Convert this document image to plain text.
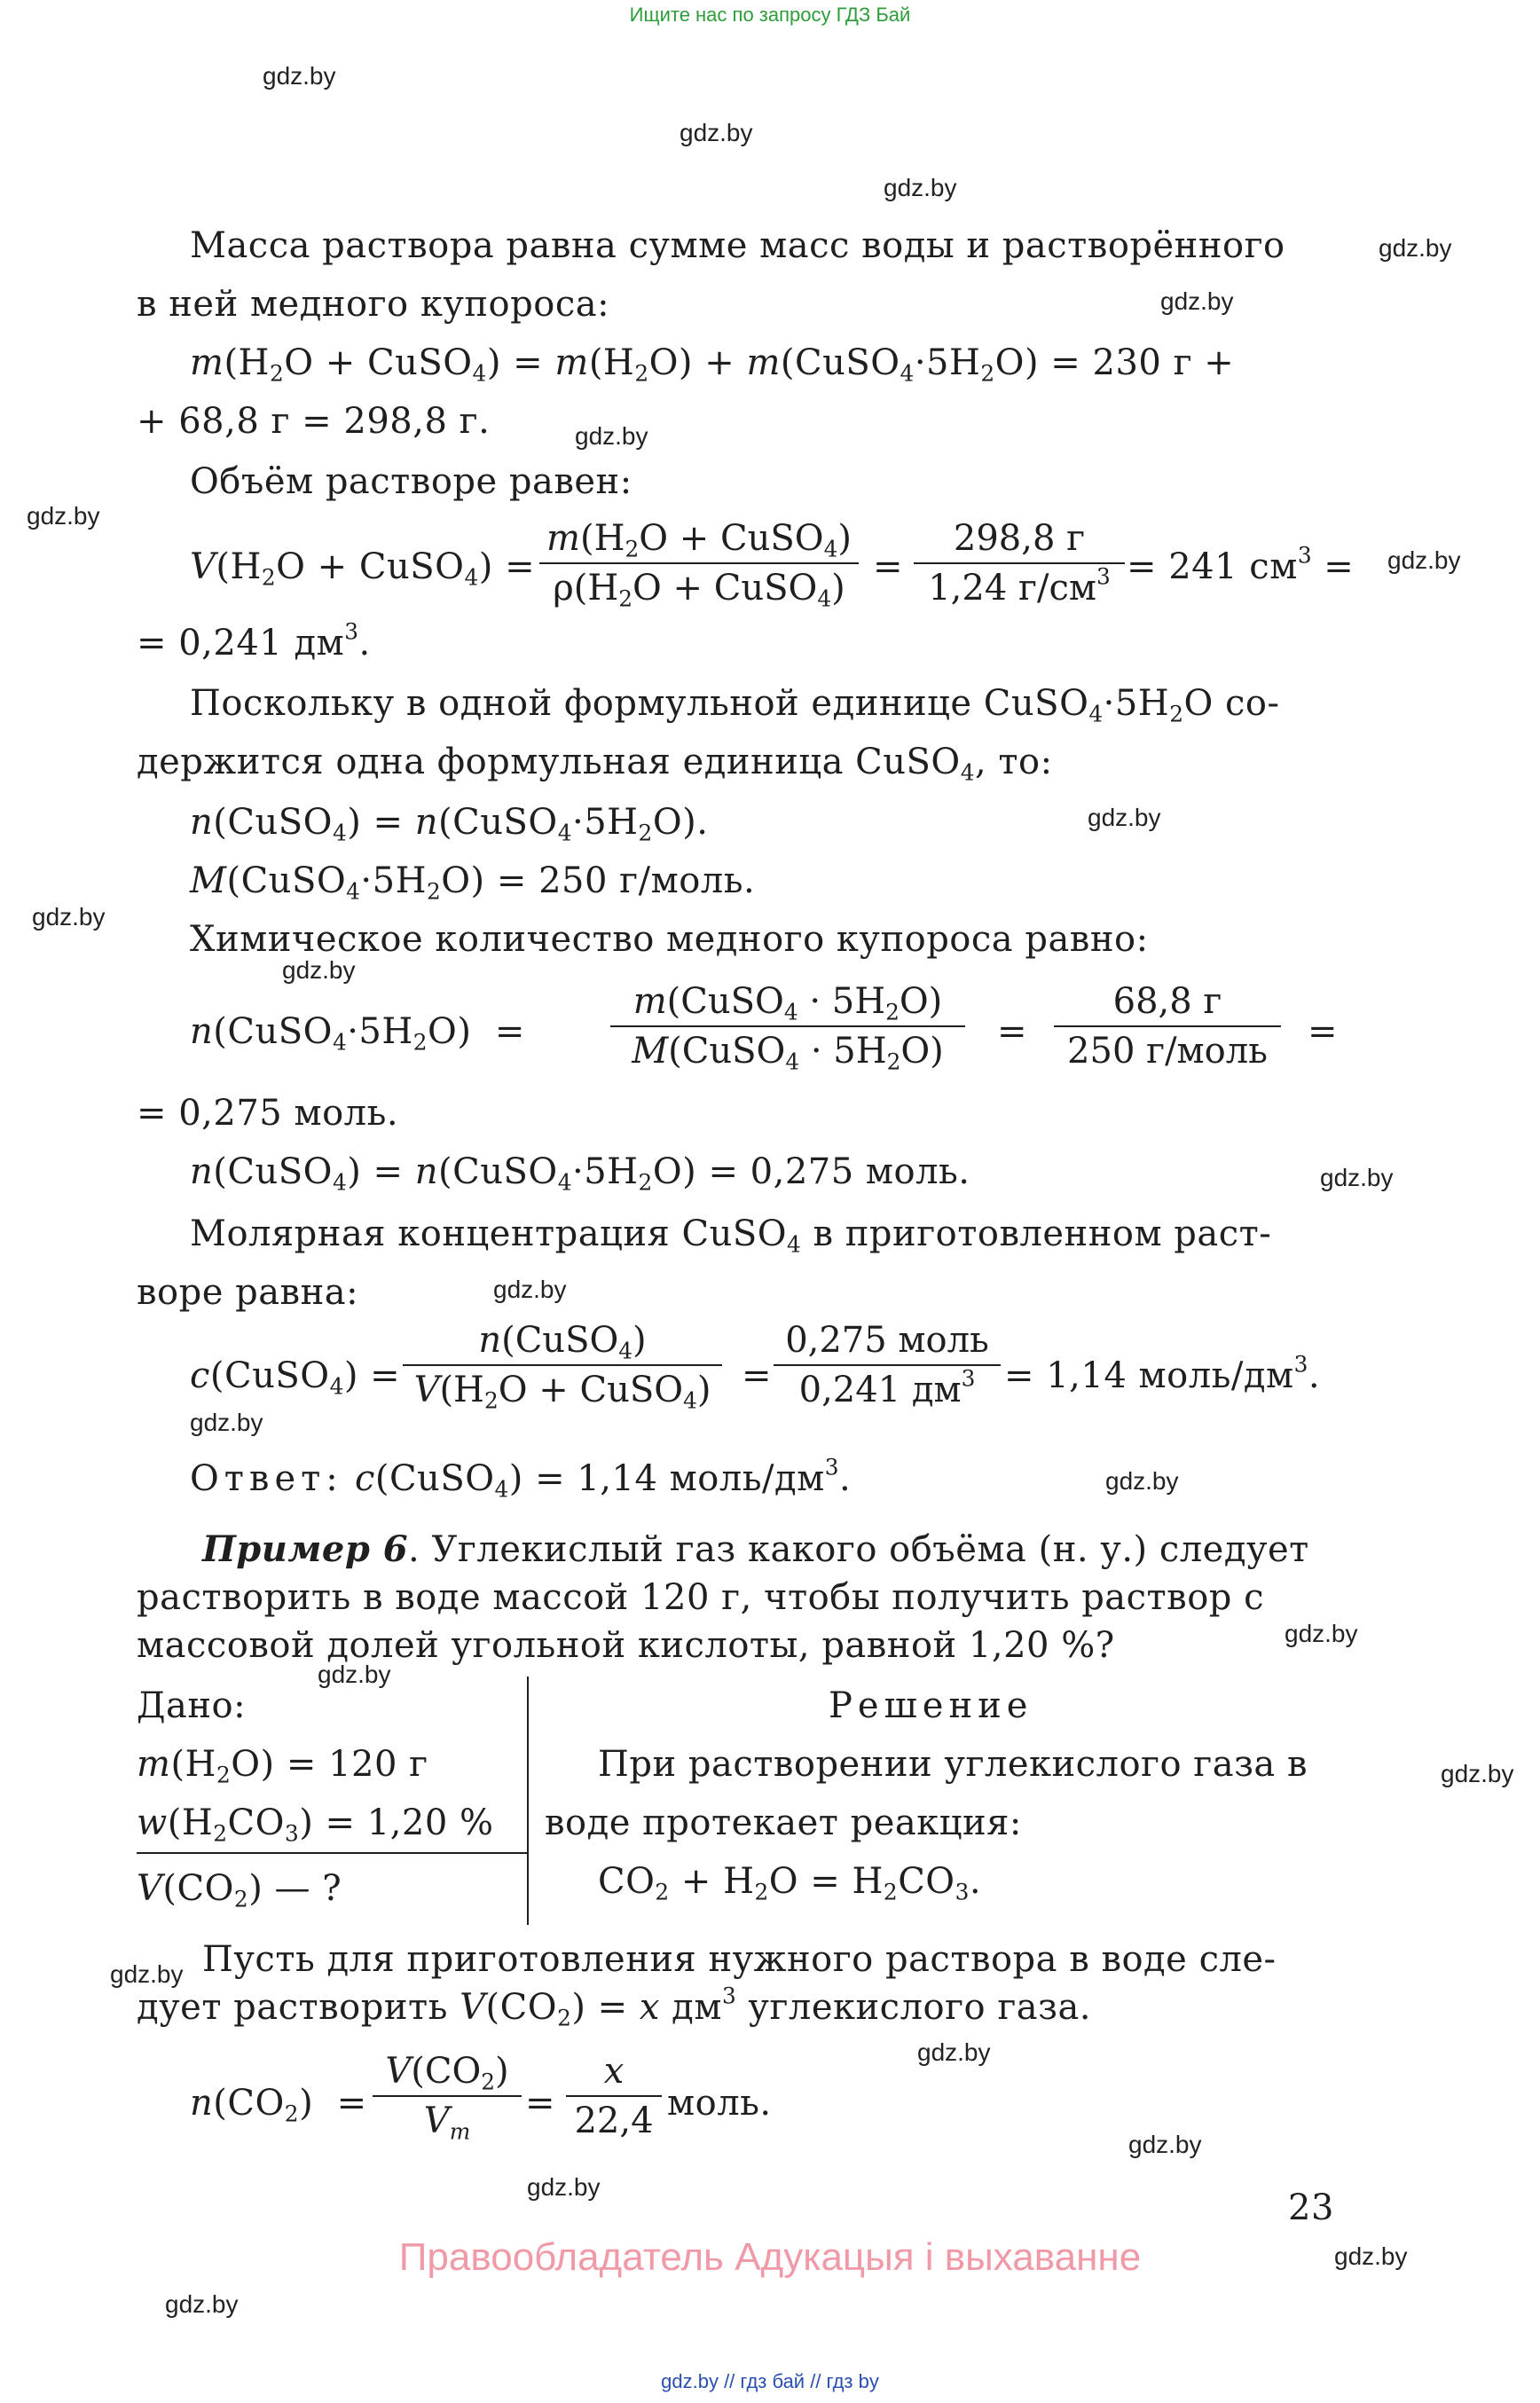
Ищите нас по запросу ГДЗ Бай
gdz.by
gdz.by
gdz.by
gdz.by
gdz.by
gdz.by
gdz.by
gdz.by
gdz.by
gdz.by
gdz.by
gdz.by
gdz.by
gdz.by
gdz.by
gdz.by
gdz.by
gdz.by
gdz.by
gdz.by
gdz.by
gdz.by
gdz.by
gdz.by
Масса раствора равна сумме масс воды и растворённого
в ней медного купороса:
$m(H_2O$ + CuSO$_4$) = $m(H_2O)$ + $m(CuSO_4\cdot 5H_2O) = 230$ г +
+ 68,8 г = 298,8 г.
Объём растворе равен:
$V(H_2O$ + CuSO$_4$) =
$m(H_2O$ + CuSO$_4$)
$\rho(H_2O$ + CuSO$_4$)
=
298,8 г
1,24 $г/см^3 = 241$ $см^3$ =
= 0,241 $дм^3$.
Поскольку в одной формульной единице $CuSO_4\cdot 5H_2O$ со-
держится одна формульная единица CuSO$_4$, то:
n(CuSO$_4$) = $n(CuSO_4\cdot 5H_2O)$.
$M(CuSO_4\cdot 5H_2O) = 250$ г/моль.
Химическое количество медного купороса равно:
$n(CuSO_4\cdot 5H_2O)$  =
m(CuSO$_4$ · $5H_2O$)
M(CuSO$_4$ · $5H_2O$)	=
68,8 г
250 г/моль	=
= 0,275 моль.
n(CuSO$_4$) = $n(CuSO_4\cdot 5H_2O) = 0,275$ моль.
Молярная концентрация CuSO$_4$ в приготовленном раст-
воре равна:
c(CuSO$_4$) =
n(CuSO$_4$)
$V(H_2O$ + CuSO$_4$) =
0,275 моль
0,241 $дм^3 = 1,14$ моль/$дм^3$.
Ответ: c(CuSO$_4$) = 1,14 моль/$дм^3$.
Пример 6. Углекислый газ какого объёма (н. у.) следует
растворить в воде массой 120 г, чтобы получить раствор с
массовой долей угольной кислоты, равной 1,20 %?
Дано:
$m(H_2O) = 120$ г
$w(H_2CO_3) = 1,20$ %
$V(CO_2)$ — ?
Решение
При растворении углекислого газа в
воде протекает реакция:
$CO_2 + H_2O = H_2CO_3$.
Пусть для приготовления нужного раствора в воде сле-
дует растворить $V(CO_2) = x$ $дм^3$ углекислого газа.
$n(CO_2)$  =
$V(CO_2)$
$V_m$
=
x
22,4 моль.
23
Правообладатель Адукацыя і выхаванне
gdz.by // гдз бай // гдз by
